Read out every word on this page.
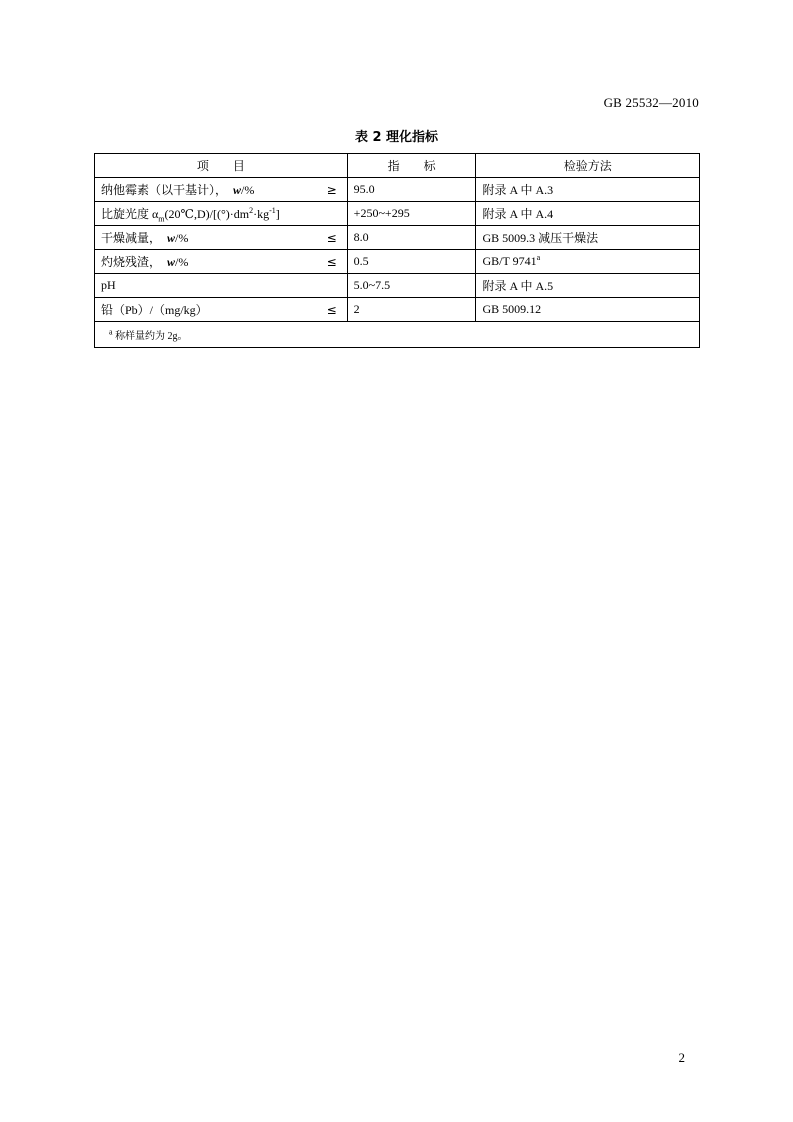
GB 25532—2010
表 2 理化指标
项　　目	指　　标	检验方法
纳他霉素（以干基计）， w/% ≥	95.0	附录 A 中 A.3
比旋光度 $\alpha_m(20℃,D)/[(^\circ)\cdot dm^2\cdot kg^{-1}]$	+250~+295	附录 A 中 A.4
干燥减量， w/% ≤	8.0	GB 5009.3 减压干燥法
灼烧残渣， w/% ≤	0.5	GB/T 9741$^a$
pH	5.0~7.5	附录 A 中 A.5
铅（Pb）/（mg/kg） ≤	2	GB 5009.12
$^a$ 称样量约为 2g。		
2
